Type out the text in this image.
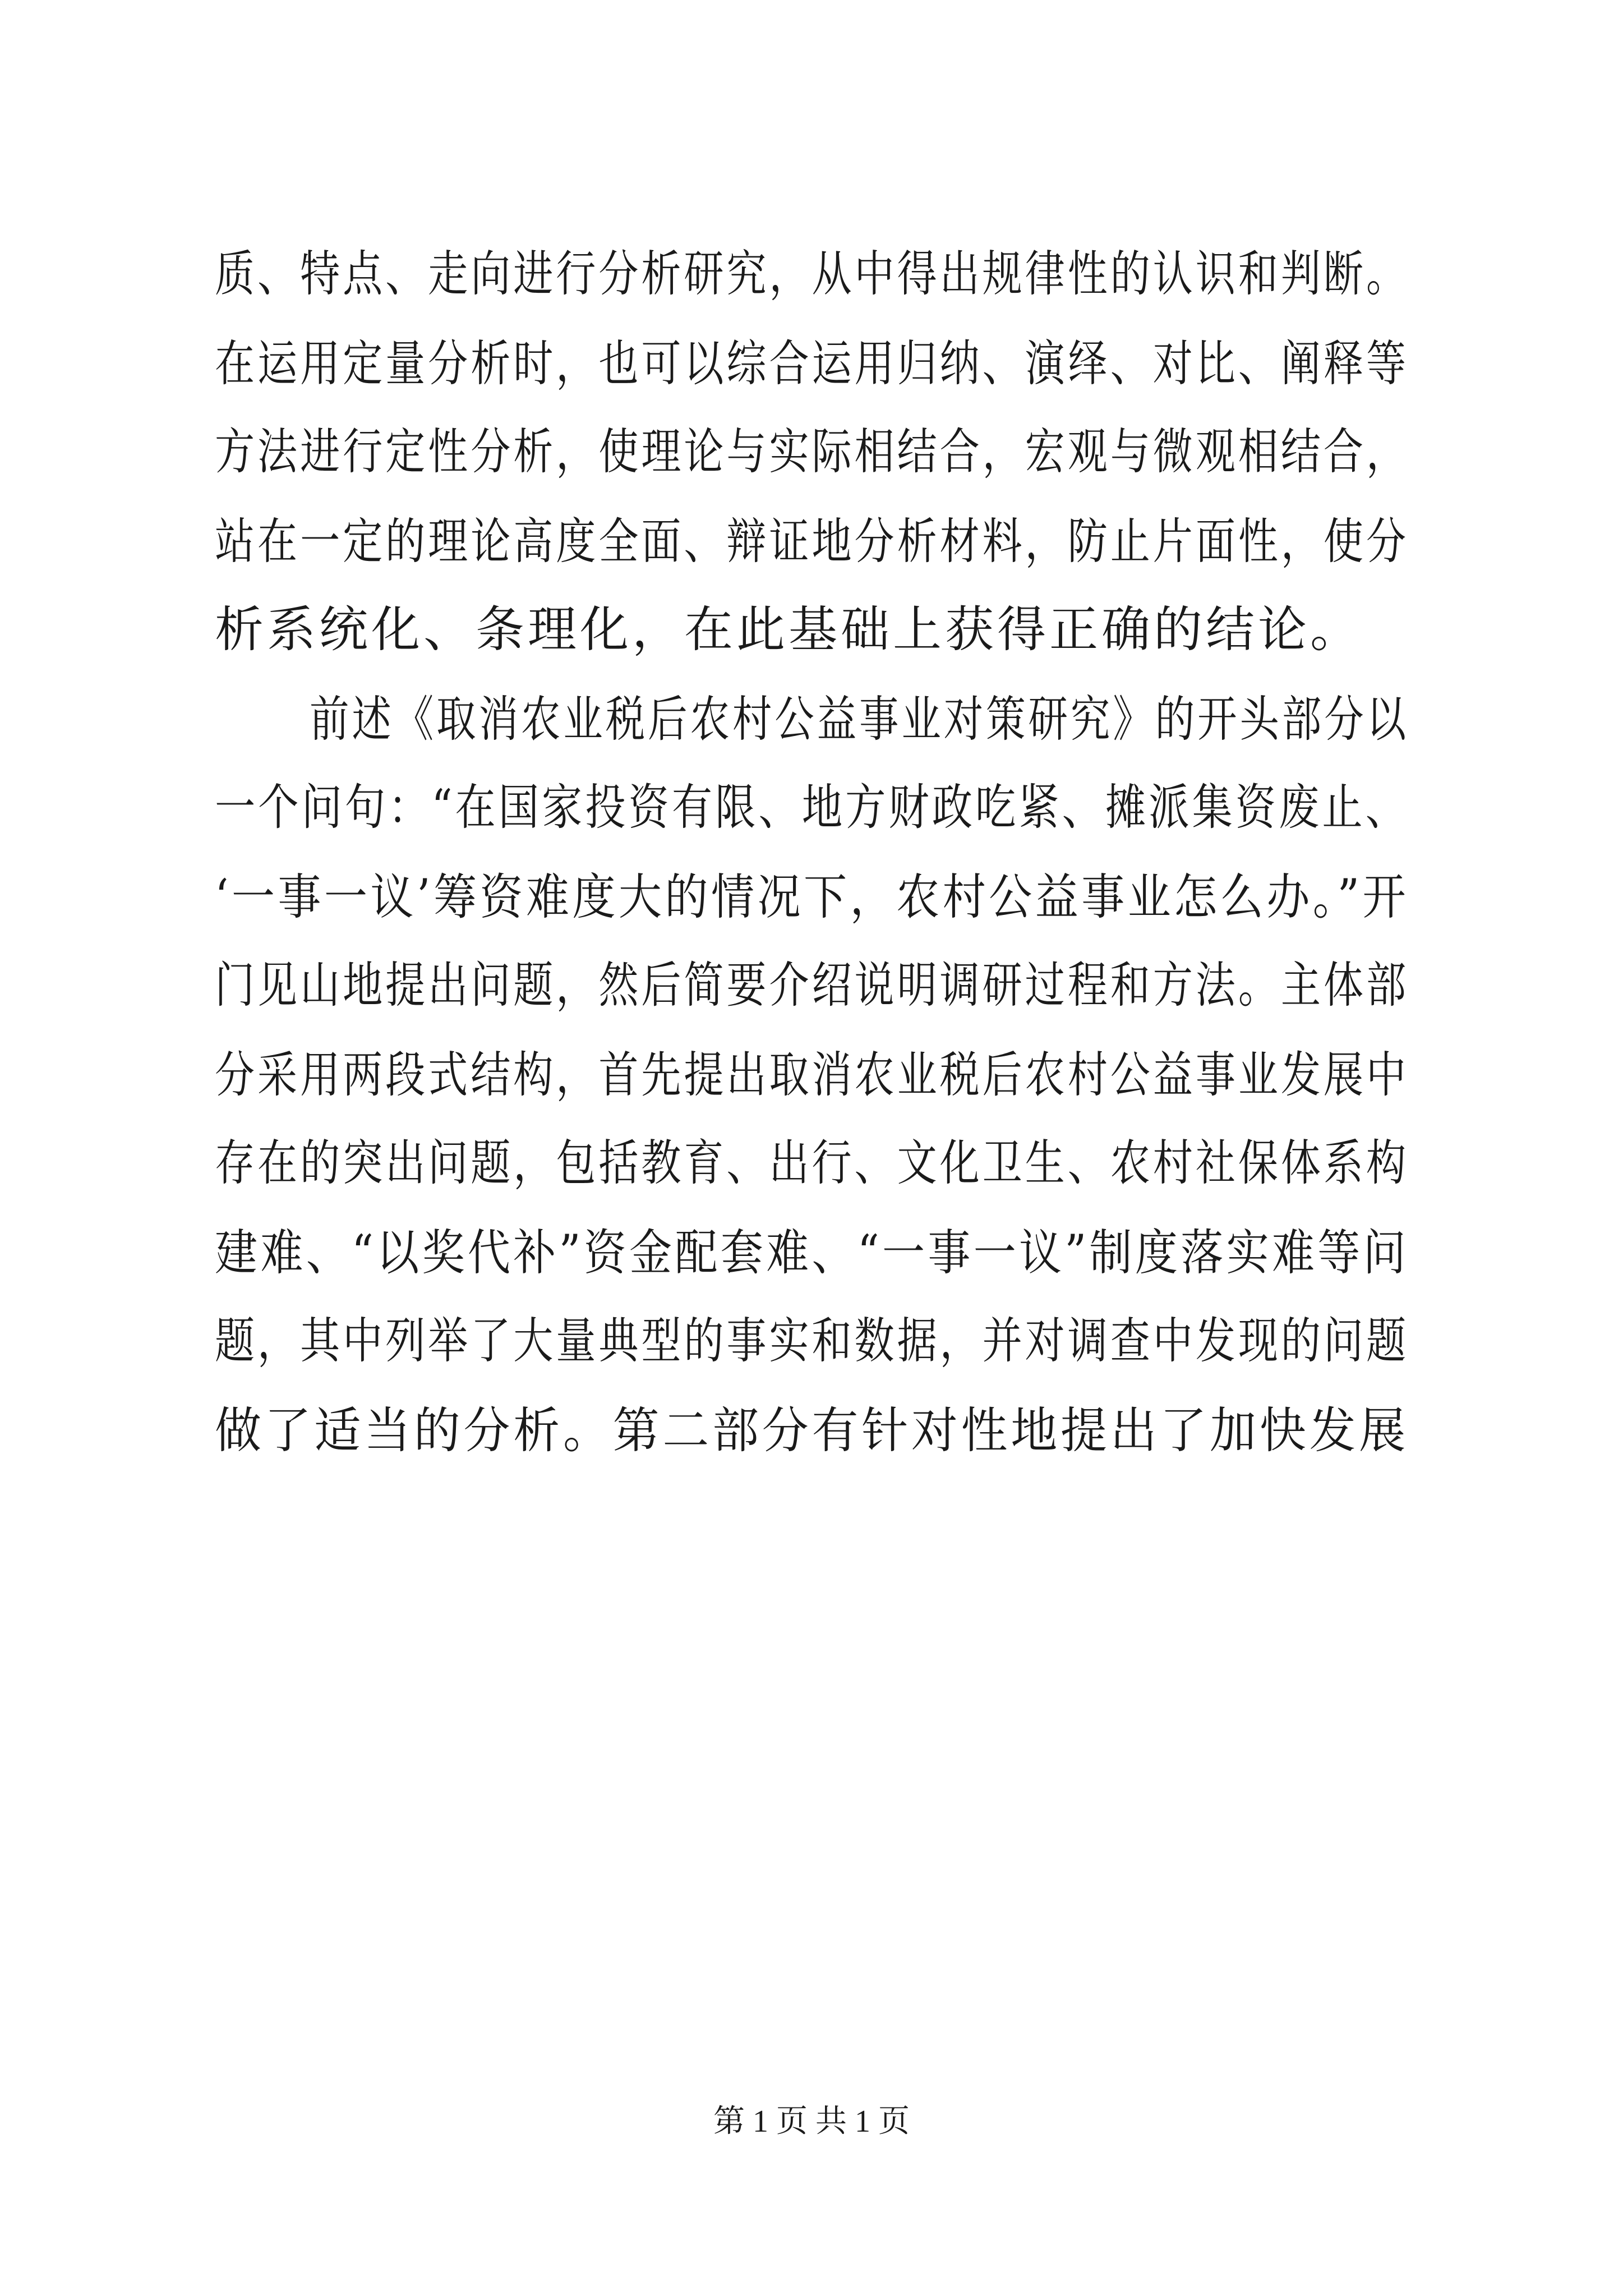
质、特点、走向进行分析研究，从中得出规律性的认识和判断。
在运用定量分析时，也可以综合运用归纳、演绎、对比、阐释等
方法进行定性分析，使理论与实际相结合，宏观与微观相结合，
站在一定的理论高度全面、辩证地分析材料，防止片面性，使分
析系统化、条理化，在此基础上获得正确的结论。
前述《取消农业税后农村公益事业对策研究》的开头部分以
一个问句：“在国家投资有限、地方财政吃紧、摊派集资废止、
‘一事一议’筹资难度大的情况下，农村公益事业怎么办。”开
门见山地提出问题，然后简要介绍说明调研过程和方法。主体部
分采用两段式结构，首先提出取消农业税后农村公益事业发展中
存在的突出问题，包括教育、出行、文化卫生、农村社保体系构
建难、“以奖代补”资金配套难、“一事一议”制度落实难等问
题，其中列举了大量典型的事实和数据，并对调查中发现的问题
做了适当的分析。第二部分有针对性地提出了加快发展
第 1 页 共 1 页
